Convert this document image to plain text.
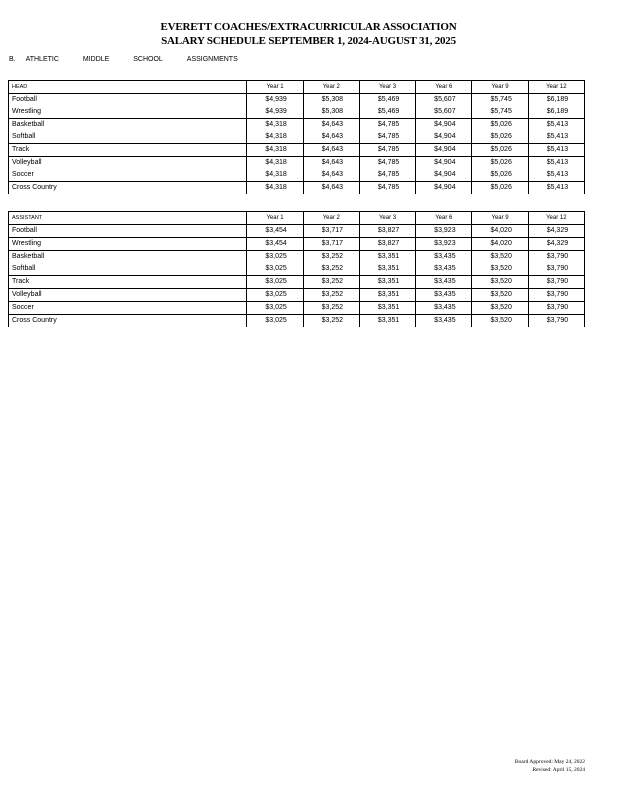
EVERETT COACHES/EXTRACURRICULAR ASSOCIATION
SALARY SCHEDULE SEPTEMBER 1, 2024-AUGUST 31, 2025
B. ATHLETIC	MIDDLE	SCHOOL	ASSIGNMENTS
HEAD	Year 1	Year 2	Year 3	Year 6	Year 9	Year 12
Football	$4,939	$5,308	$5,469	$5,607	$5,745	$6,189
Wrestling	$4,939	$5,308	$5,469	$5,607	$5,745	$6,189
Basketball	$4,318	$4,643	$4,785	$4,904	$5,026	$5,413
Softball	$4,318	$4,643	$4,785	$4,904	$5,026	$5,413
Track	$4,318	$4,643	$4,785	$4,904	$5,026	$5,413
Volleyball	$4,318	$4,643	$4,785	$4,904	$5,026	$5,413
Soccer	$4,318	$4,643	$4,785	$4,904	$5,026	$5,413
Cross Country	$4,318	$4,643	$4,785	$4,904	$5,026	$5,413
ASSISTANT	Year 1	Year 2	Year 3	Year 6	Year 9	Year 12
Football	$3,454	$3,717	$3,827	$3,923	$4,020	$4,329
Wrestling	$3,454	$3,717	$3,827	$3,923	$4,020	$4,329
Basketball	$3,025	$3,252	$3,351	$3,435	$3,520	$3,790
Softball	$3,025	$3,252	$3,351	$3,435	$3,520	$3,790
Track	$3,025	$3,252	$3,351	$3,435	$3,520	$3,790
Volleyball	$3,025	$3,252	$3,351	$3,435	$3,520	$3,790
Soccer	$3,025	$3,252	$3,351	$3,435	$3,520	$3,790
Cross Country	$3,025	$3,252	$3,351	$3,435	$3,520	$3,790
Board Approved: May 24, 2022
Revised: April 15, 2024
